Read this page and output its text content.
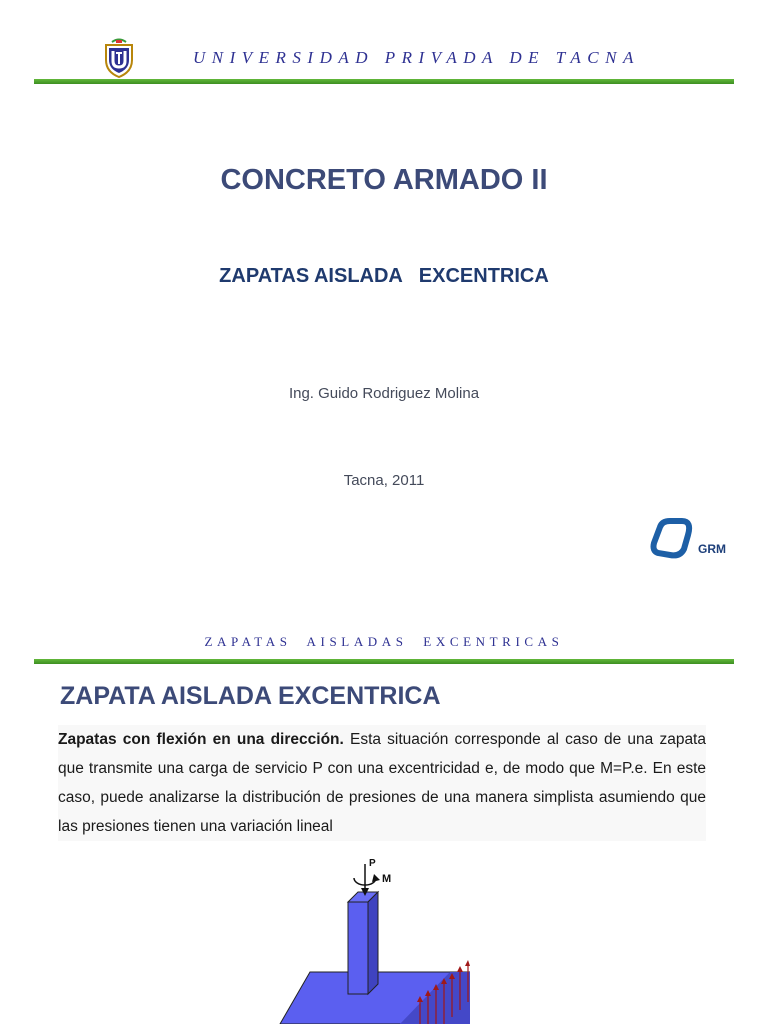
UNIVERSIDAD PRIVADA DE TACNA
CONCRETO ARMADO II
ZAPATAS AISLADA   EXCENTRICA
Ing. Guido Rodriguez Molina
Tacna, 2011
GRM
ZAPATAS  AISLADAS  EXCENTRICAS
ZAPATA AISLADA EXCENTRICA
Zapatas con flexión en una dirección. Esta situación corresponde al caso de una zapata que transmite una carga de servicio P con una excentricidad e, de modo que M=P.e. En este caso, puede analizarse la distribución de presiones de una manera simplista asumiendo que las presiones tienen una variación lineal
P
M
